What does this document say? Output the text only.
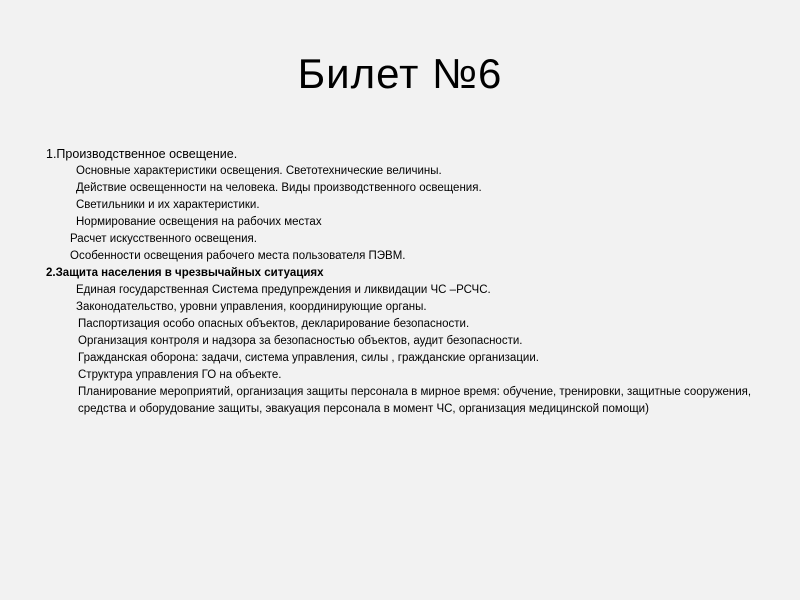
Билет №6
1.Производственное освещение.
Основные характеристики освещения. Светотехнические величины.
Действие освещенности на человека. Виды производственного освещения.
Светильники и их характеристики.
Нормирование освещения на рабочих местах
Расчет искусственного освещения.
Особенности освещения рабочего места пользователя ПЭВМ.
2.Защита населения в чрезвычайных ситуациях
Единая государственная Система предупреждения и ликвидации ЧС –РСЧС.
Законодательство, уровни управления, координирующие органы.
Паспортизация особо опасных объектов, декларирование безопасности.
Организация контроля и надзора за безопасностью объектов, аудит безопасности.
Гражданская оборона: задачи, система управления, силы , гражданские организации.
Структура управления ГО на объекте.
Планирование мероприятий, организация защиты персонала в мирное время: обучение, тренировки, защитные сооружения, средства и оборудование защиты, эвакуация персонала в момент ЧС, организация медицинской помощи)
